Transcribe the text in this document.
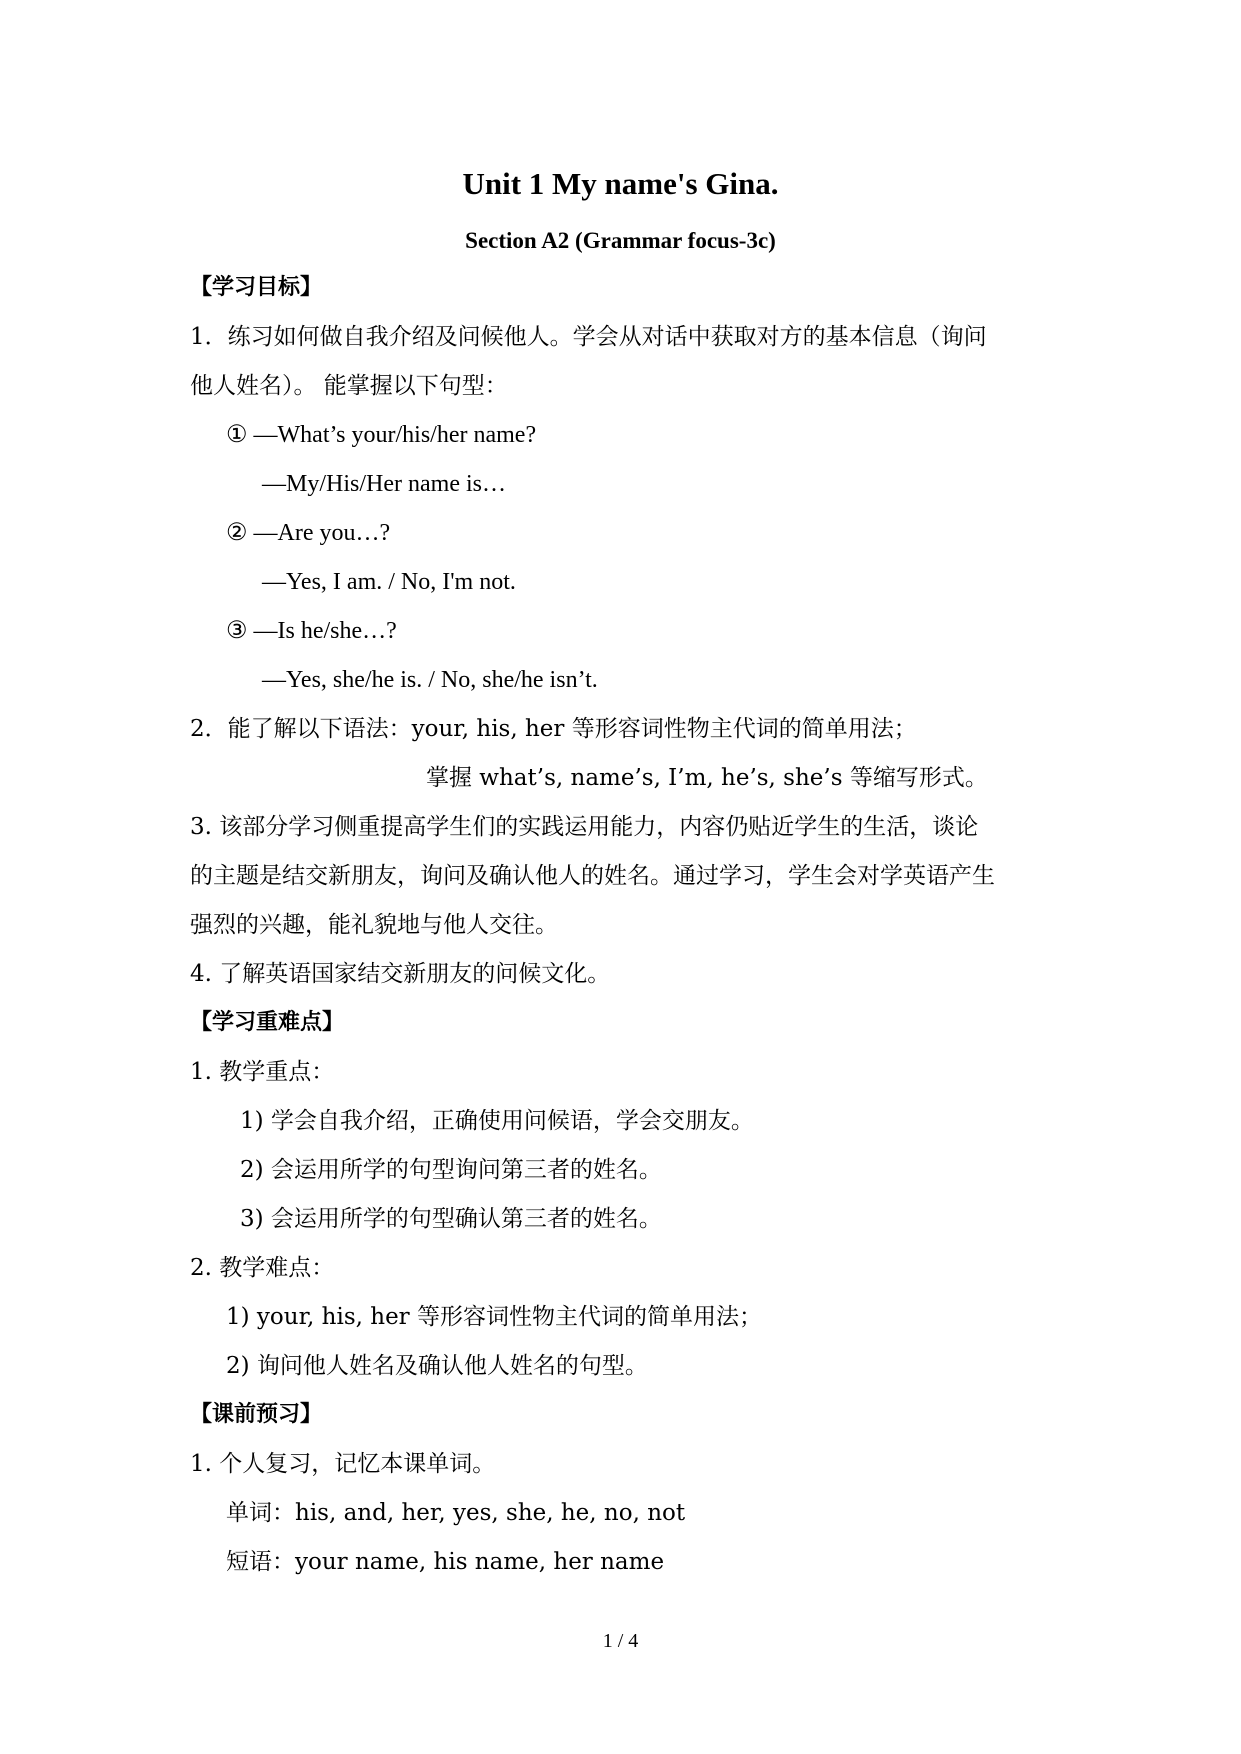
Unit 1 My name's Gina.
Section A2 (Grammar focus-3c)
【学习目标】
1．练习如何做自我介绍及问候他人。学会从对话中获取对方的基本信息（询问
他人姓名）。 能掌握以下句型：
① —What’s your/his/her name?
—My/His/Her name is…
② —Are you…?
—Yes, I am. / No, I'm not.
③ —Is he/she…?
—Yes, she/he is. / No, she/he isn’t.
2．能了解以下语法：your, his, her 等形容词性物主代词的简单用法；
掌握 what’s, name’s, I’m, he’s, she’s 等缩写形式。
3. 该部分学习侧重提高学生们的实践运用能力，内容仍贴近学生的生活，谈论
的主题是结交新朋友，询问及确认他人的姓名。通过学习，学生会对学英语产生
强烈的兴趣，能礼貌地与他人交往。
4. 了解英语国家结交新朋友的问候文化。
【学习重难点】
1. 教学重点：
1) 学会自我介绍，正确使用问候语，学会交朋友。
2) 会运用所学的句型询问第三者的姓名。
3) 会运用所学的句型确认第三者的姓名。
2. 教学难点：
1) your, his, her 等形容词性物主代词的简单用法；
2) 询问他人姓名及确认他人姓名的句型。
【课前预习】
1. 个人复习，记忆本课单词。
单词：his, and, her, yes, she, he, no, not
短语：your name, his name, her name
1 / 4
